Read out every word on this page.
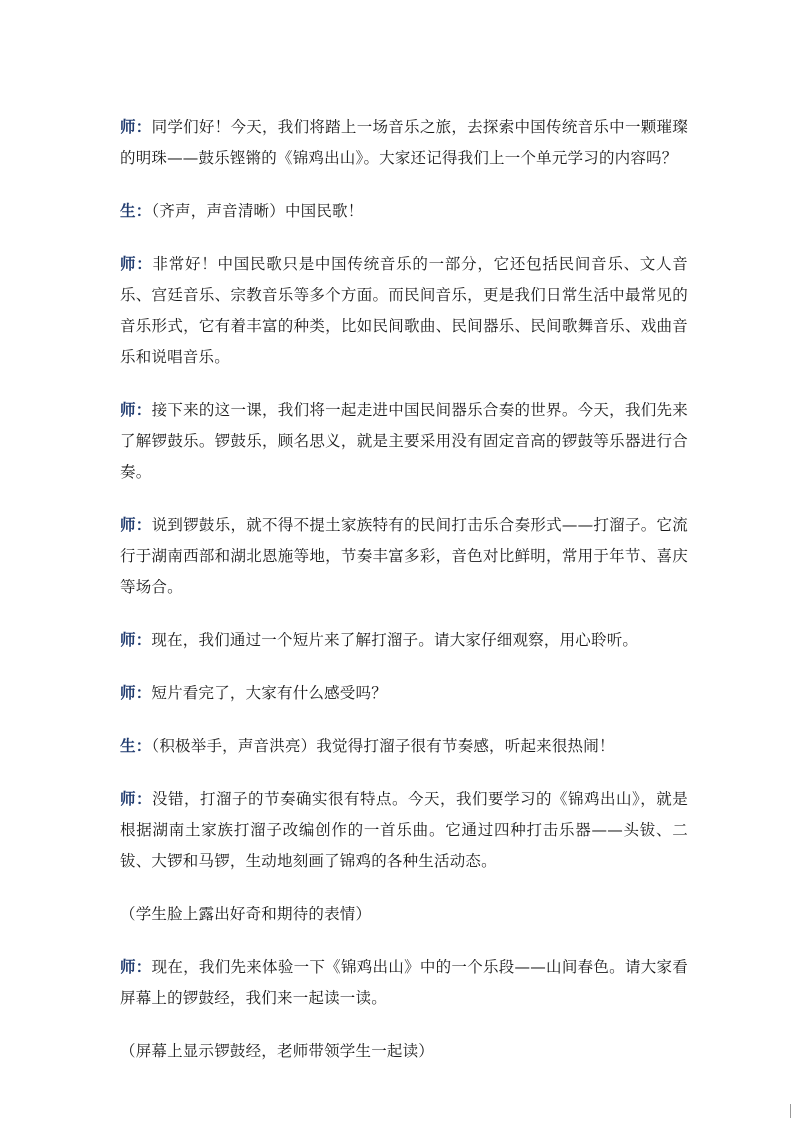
师：同学们好！今天，我们将踏上一场音乐之旅，去探索中国传统音乐中一颗璀璨的明珠——鼓乐铿锵的《锦鸡出山》。大家还记得我们上一个单元学习的内容吗？

生：（齐声，声音清晰）中国民歌！

师：非常好！中国民歌只是中国传统音乐的一部分，它还包括民间音乐、文人音乐、宫廷音乐、宗教音乐等多个方面。而民间音乐，更是我们日常生活中最常见的音乐形式，它有着丰富的种类，比如民间歌曲、民间器乐、民间歌舞音乐、戏曲音乐和说唱音乐。

师：接下来的这一课，我们将一起走进中国民间器乐合奏的世界。今天，我们先来了解锣鼓乐。锣鼓乐，顾名思义，就是主要采用没有固定音高的锣鼓等乐器进行合奏。

师：说到锣鼓乐，就不得不提土家族特有的民间打击乐合奏形式——打溜子。它流行于湖南西部和湖北恩施等地，节奏丰富多彩，音色对比鲜明，常用于年节、喜庆等场合。

师：现在，我们通过一个短片来了解打溜子。请大家仔细观察，用心聆听。

师：短片看完了，大家有什么感受吗？

生：（积极举手，声音洪亮）我觉得打溜子很有节奏感，听起来很热闹！

师：没错，打溜子的节奏确实很有特点。今天，我们要学习的《锦鸡出山》，就是根据湖南土家族打溜子改编创作的一首乐曲。它通过四种打击乐器——头钹、二钹、大锣和马锣，生动地刻画了锦鸡的各种生活动态。

（学生脸上露出好奇和期待的表情）

师：现在，我们先来体验一下《锦鸡出山》中的一个乐段——山间春色。请大家看屏幕上的锣鼓经，我们来一起读一读。

（屏幕上显示锣鼓经，老师带领学生一起读）
